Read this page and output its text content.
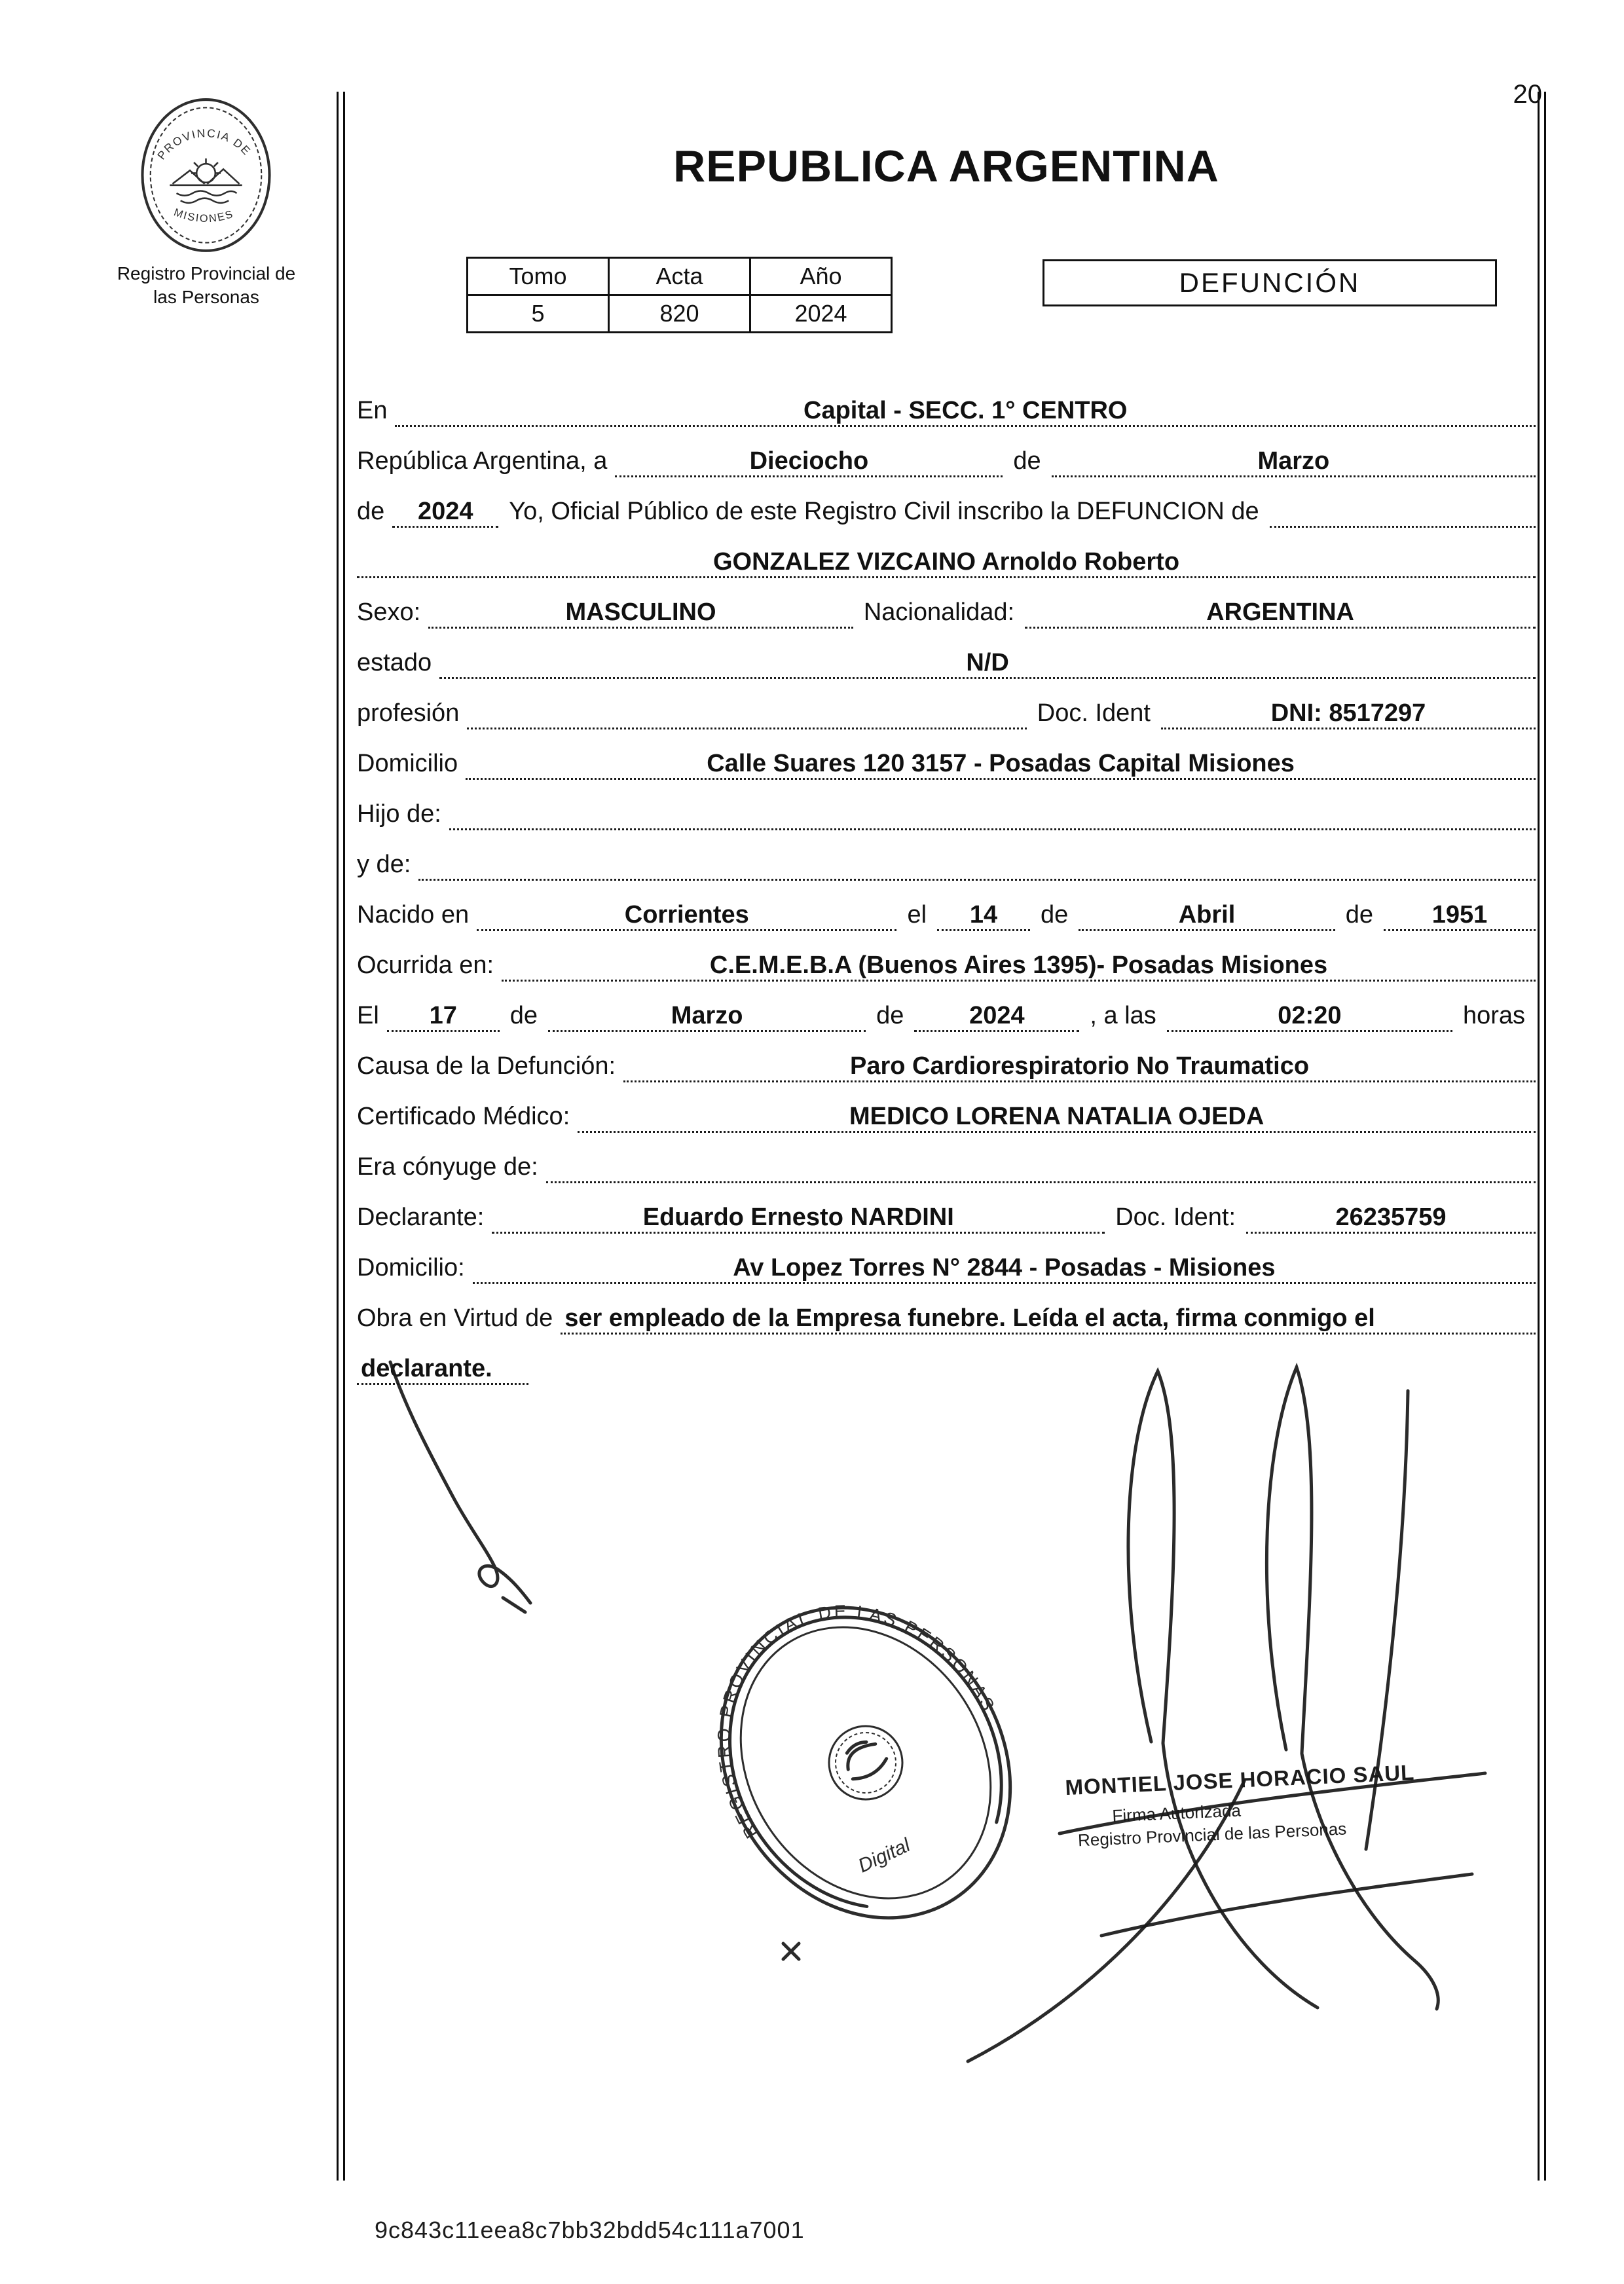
20
PROVINCIA DE
MISIONES
Registro Provincial de
las Personas
REPUBLICA ARGENTINA
Tomo	Acta	Año
5	820	2024
DEFUNCIÓN
En	Capital - SECC. 1° CENTRO
República Argentina, a	Dieciocho	de	Marzo
de	2024	Yo, Oficial Público de este Registro Civil inscribo la DEFUNCION de
GONZALEZ VIZCAINO Arnoldo Roberto
Sexo:	MASCULINO	Nacionalidad:	ARGENTINA
estado	N/D
profesión	Doc. Ident	DNI: 8517297
Domicilio	Calle Suares 120 3157 - Posadas Capital Misiones
Hijo de:
y de:
Nacido en	Corrientes	el	14	de	Abril	de	1951
Ocurrida en:	C.E.M.E.B.A (Buenos Aires 1395)- Posadas Misiones
El	17	de	Marzo	de	2024	, a las	02:20	horas
Causa de la Defunción:	Paro Cardiorespiratorio No Traumatico
Certificado Médico:	MEDICO LORENA NATALIA OJEDA
Era cónyuge de:
Declarante:	Eduardo Ernesto NARDINI	Doc. Ident:	26235759
Domicilio:	Av Lopez Torres N° 2844 - Posadas - Misiones
Obra en Virtud de ser empleado de la Empresa funebre. Leída el acta, firma conmigo el
declarante.
MONTIEL JOSE HORACIO SAUL
Firma Autorizada
Registro Provincial de las Personas
REGISTRO PROVINCIAL DE LAS PERSONAS
Digital
9c843c11eea8c7bb32bdd54c111a7001
